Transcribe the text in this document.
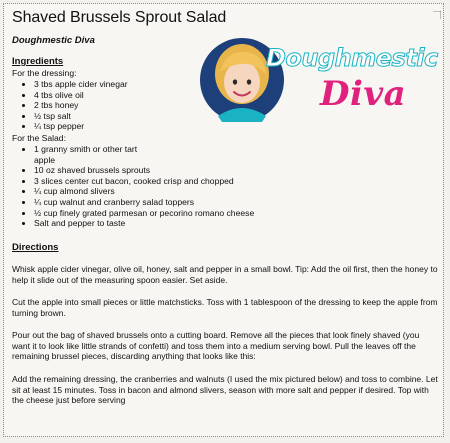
Shaved Brussels Sprout Salad
Doughmestic Diva
Doughmestic
Diva
Ingredients
For the dressing:
• 3 tbs apple cider vinegar
• 4 tbs olive oil
• 2 tbs honey
• ½ tsp salt
• ¼ tsp pepper
For the Salad:
• 1 granny smith or other tart apple
• 10 oz shaved brussels sprouts
• 3 slices center cut bacon, cooked crisp and chopped
• ¼ cup almond slivers
• ¼ cup walnut and cranberry salad toppers
• ½ cup finely grated parmesan or pecorino romano cheese
• Salt and pepper to taste
Directions

Whisk apple cider vinegar, olive oil, honey, salt and pepper in a small bowl. Tip: Add the oil first, then the honey to help it slide out of the measuring spoon easier. Set aside.

Cut the apple into small pieces or little matchsticks. Toss with 1 tablespoon of the dressing to keep the apple from turning brown.

Pour out the bag of shaved brussels onto a cutting board. Remove all the pieces that look finely shaved (you want it to look like little strands of confetti) and toss them into a medium serving bowl. Pull the leaves off the remaining brussel pieces, discarding anything that looks like this:

Add the remaining dressing, the cranberries and walnuts (I used the mix pictured below) and toss to combine. Let sit at least 15 minutes. Toss in bacon and almond slivers, season with more salt and pepper if desired. Top with the cheese just before serving
